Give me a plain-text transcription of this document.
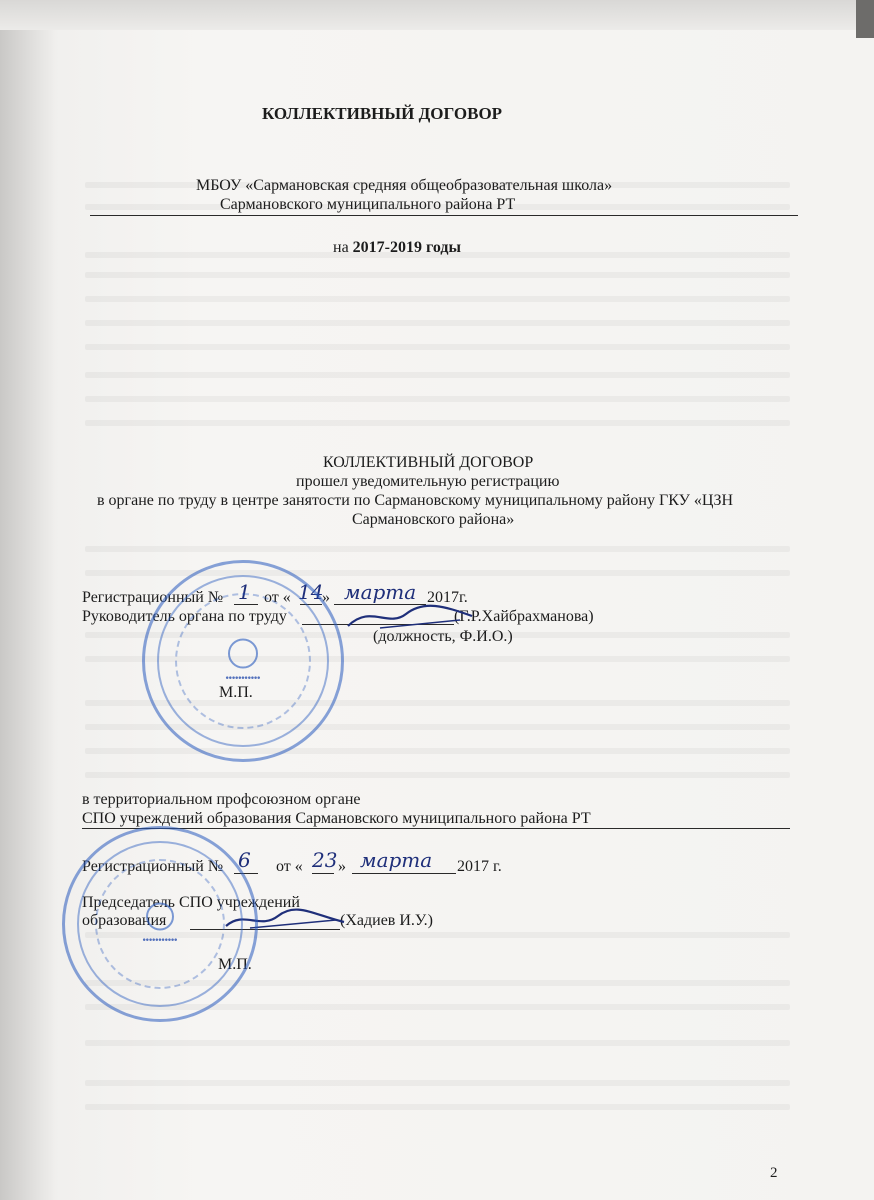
КОЛЛЕКТИВНЫЙ ДОГОВОР
МБОУ «Сармановская средняя общеобразовательная школа»
Сармановского муниципального района РТ
на 2017-2019 годы
КОЛЛЕКТИВНЫЙ ДОГОВОР
прошел уведомительную регистрацию
в органе по труду в центре занятости по Сармановскому муниципальному району ГКУ «ЦЗН
Сармановского района»
Регистрационный № 1 от « 14
» марта 2017г.
Руководитель органа по труду	(Г.Р.Хайбрахманова)
(должность, Ф.И.О.)
М.П.
•••••••••••
в территориальном профсоюзном органе
СПО учреждений образования Сармановского муниципального района РТ
Регистрационный № 6 от « 23 » марта 2017 г.
Председатель СПО учреждений
образования	(Хадиев И.У.)
М.П.
•••••••••••
2
